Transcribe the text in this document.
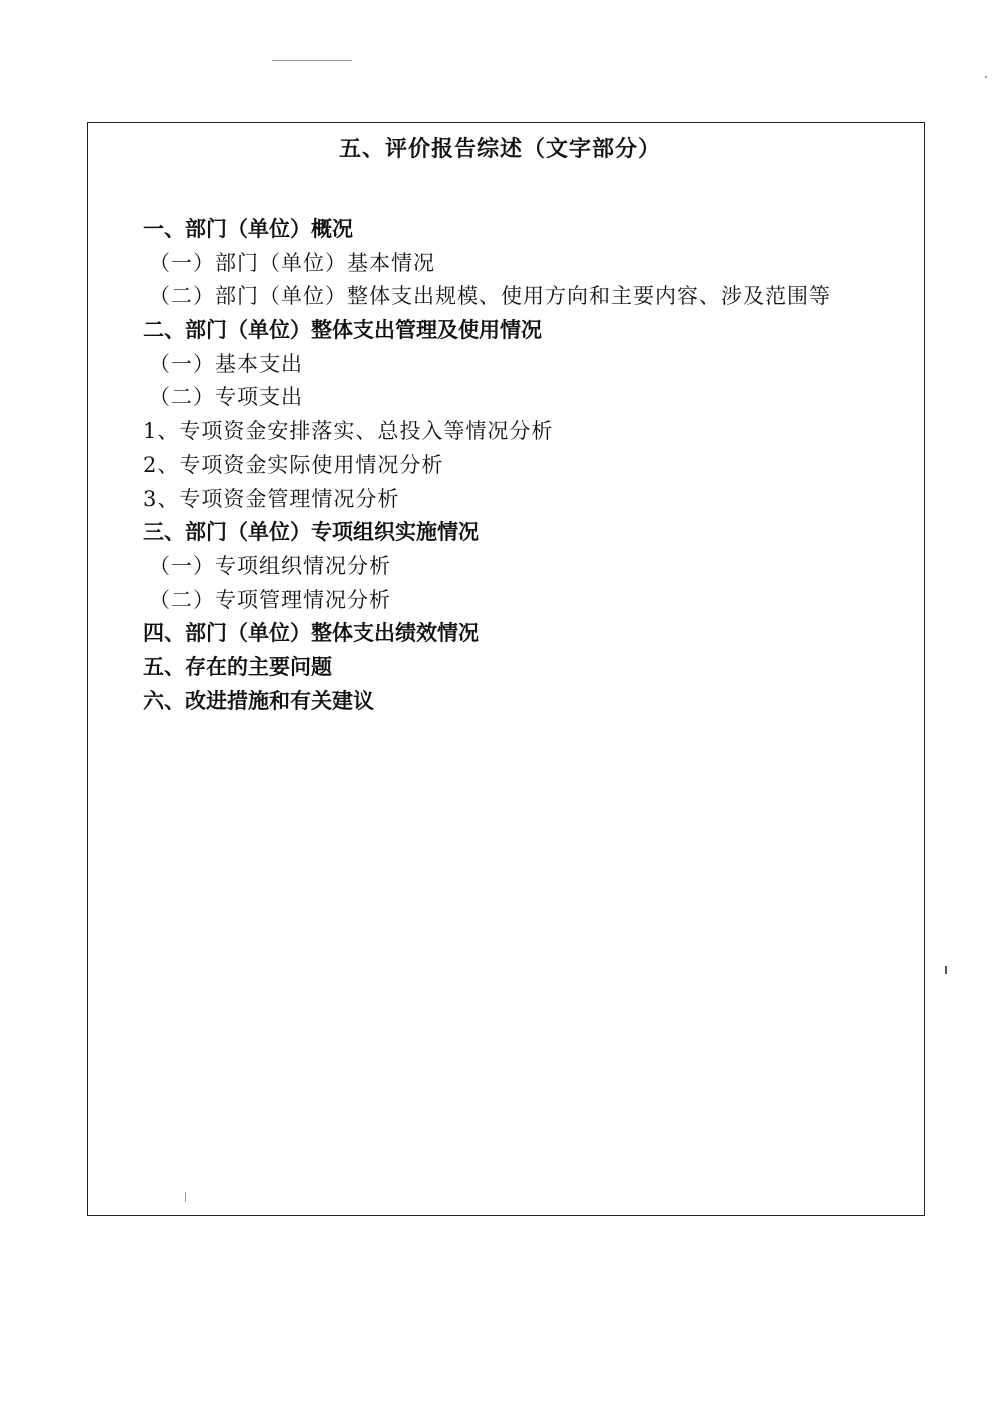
五、评价报告综述（文字部分）
一、部门（单位）概况
（一）部门（单位）基本情况
（二）部门（单位）整体支出规模、使用方向和主要内容、涉及范围等
二、部门（单位）整体支出管理及使用情况
（一）基本支出
（二）专项支出
1、专项资金安排落实、总投入等情况分析
2、专项资金实际使用情况分析
3、专项资金管理情况分析
三、部门（单位）专项组织实施情况
（一）专项组织情况分析
（二）专项管理情况分析
四、部门（单位）整体支出绩效情况
五、存在的主要问题
六、改进措施和有关建议
